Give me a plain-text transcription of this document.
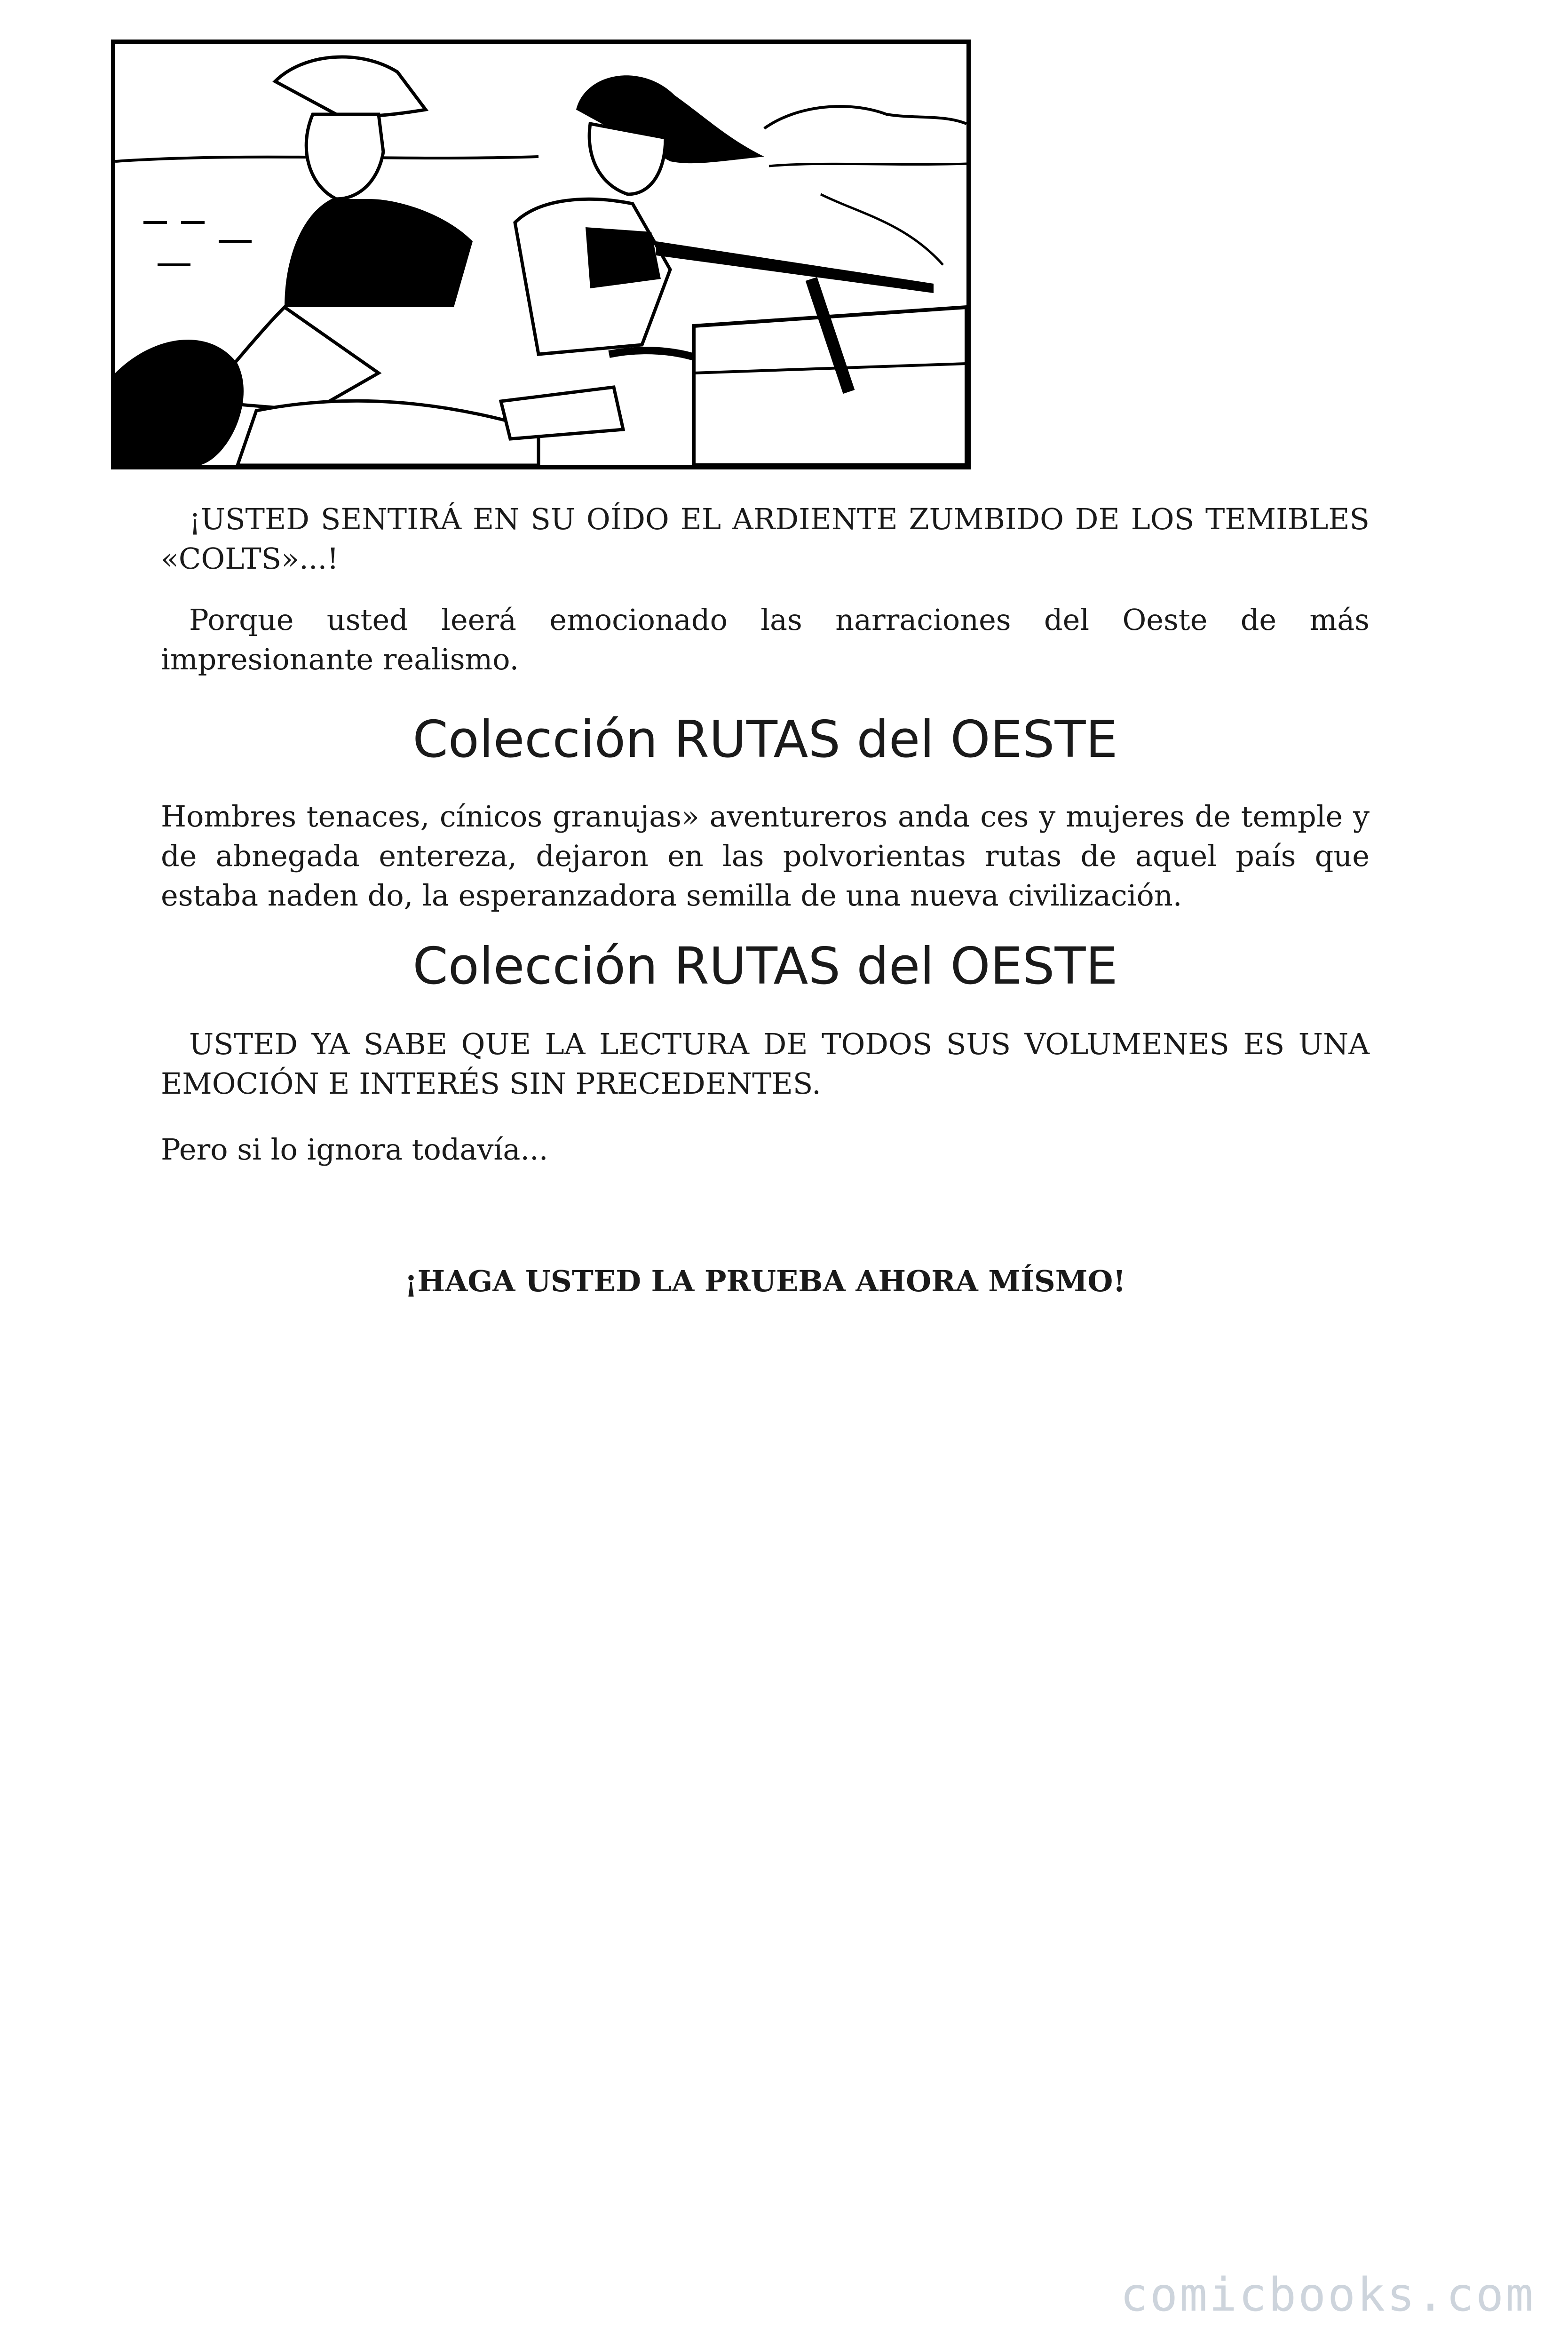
¡USTED SENTIRÁ EN SU OÍDO EL ARDIENTE ZUMBIDO DE LOS TEMIBLES «COLTS»...!

Porque usted leerá emocionado las narraciones del Oeste de más impresionante realismo.

Colección RUTAS del OESTE

Hombres tenaces, cínicos granujas» aventureros anda ces y mujeres de temple y de abnegada entereza, dejaron en las polvorientas rutas de aquel país que estaba naden do, la esperanzadora semilla de una nueva civilización.

Colección RUTAS del OESTE

USTED YA SABE QUE LA LECTURA DE TODOS SUS VOLUMENES ES UNA EMOCIÓN E INTERÉS SIN PRECEDENTES.

Pero si lo ignora todavía...

¡HAGA USTED LA PRUEBA AHORA MÍSMO!

comicbooks.com
